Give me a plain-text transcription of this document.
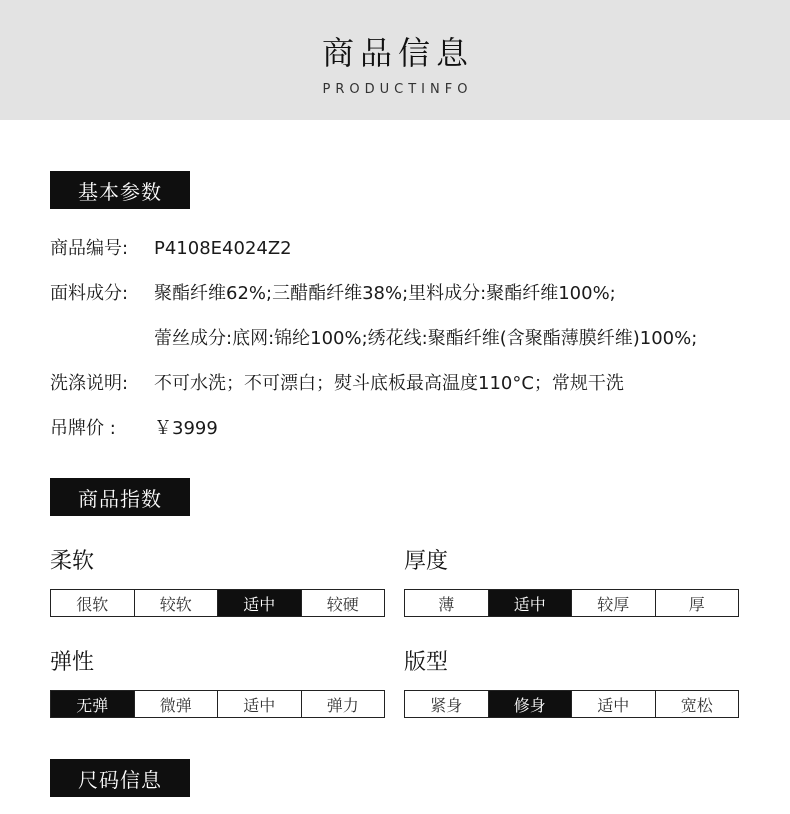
商品信息
PRODUCTINFO
基本参数
商品编号: P4108E4024Z2
面料成分: 聚酯纤维62%;三醋酯纤维38%;里料成分:聚酯纤维100%;
蕾丝成分:底网:锦纶100%;绣花线:聚酯纤维(含聚酯薄膜纤维)100%;
洗涤说明: 不可水洗；不可漂白；熨斗底板最高温度110°C；常规干洗
吊牌价 : ￥3999
商品指数
柔软
很软	较软	适中	较硬
厚度
薄	适中	较厚	厚
弹性
无弹	微弹	适中	弹力
版型
紧身	修身	适中	宽松
尺码信息
